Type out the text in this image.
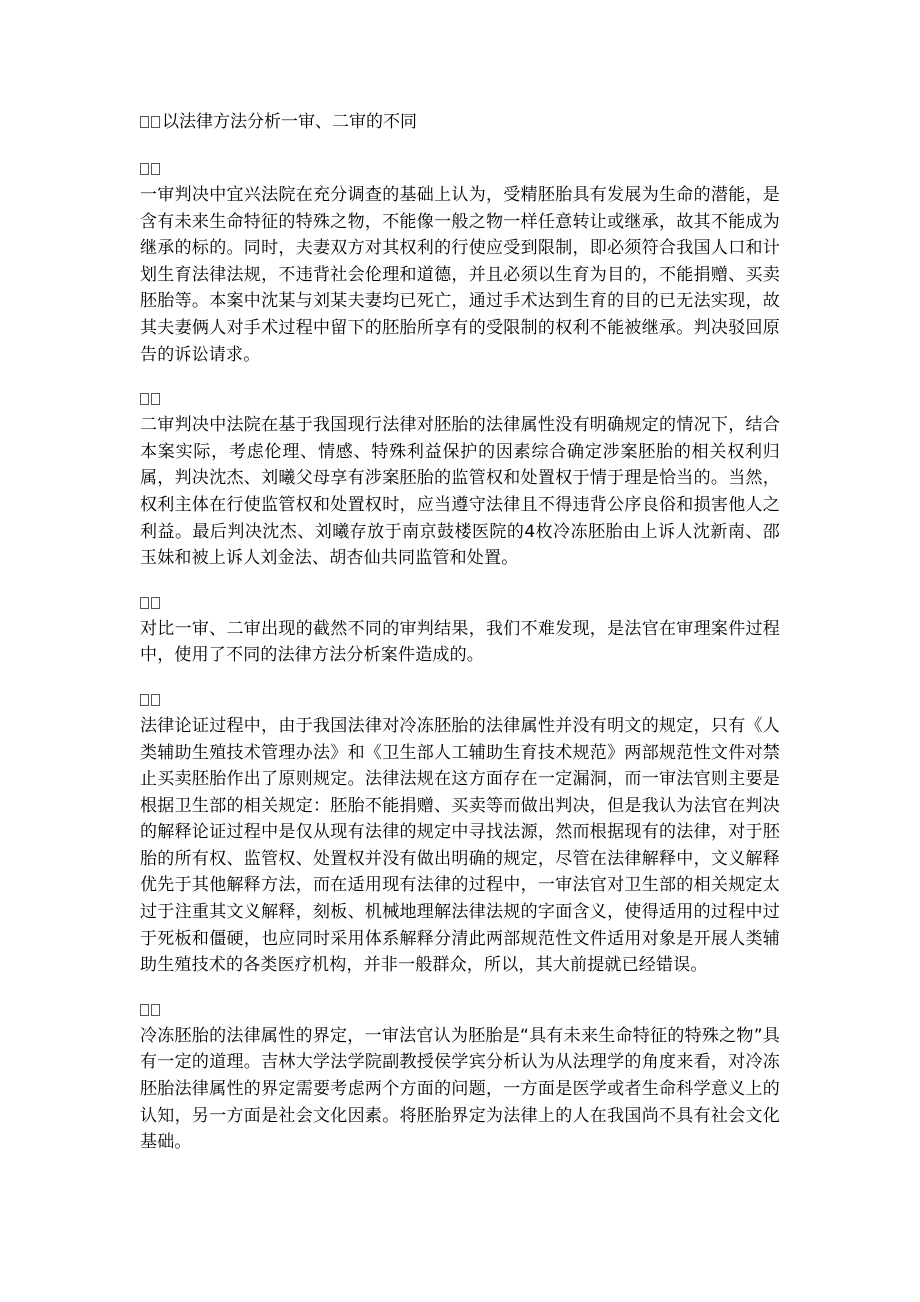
以法律方法分析一审、二审的不同

一审判决中宜兴法院在充分调查的基础上认为，受精胚胎具有发展为生命的潜能，是含有未来生命特征的特殊之物，不能像一般之物一样任意转让或继承，故其不能成为继承的标的。同时，夫妻双方对其权利的行使应受到限制，即必须符合我国人口和计划生育法律法规，不违背社会伦理和道德，并且必须以生育为目的，不能捐赠、买卖胚胎等。本案中沈某与刘某夫妻均已死亡，通过手术达到生育的目的已无法实现，故其夫妻俩人对手术过程中留下的胚胎所享有的受限制的权利不能被继承。判决驳回原告的诉讼请求。

二审判决中法院在基于我国现行法律对胚胎的法律属性没有明确规定的情况下，结合本案实际，考虑伦理、情感、特殊利益保护的因素综合确定涉案胚胎的相关权利归属，判决沈杰、刘曦父母享有涉案胚胎的监管权和处置权于情于理是恰当的。当然，权利主体在行使监管权和处置权时，应当遵守法律且不得违背公序良俗和损害他人之利益。最后判决沈杰、刘曦存放于南京鼓楼医院的4枚冷冻胚胎由上诉人沈新南、邵玉妹和被上诉人刘金法、胡杏仙共同监管和处置。

对比一审、二审出现的截然不同的审判结果，我们不难发现，是法官在审理案件过程中，使用了不同的法律方法分析案件造成的。

法律论证过程中，由于我国法律对冷冻胚胎的法律属性并没有明文的规定，只有《人类辅助生殖技术管理办法》和《卫生部人工辅助生育技术规范》两部规范性文件对禁止买卖胚胎作出了原则规定。法律法规在这方面存在一定漏洞，而一审法官则主要是根据卫生部的相关规定：胚胎不能捐赠、买卖等而做出判决，但是我认为法官在判决的解释论证过程中是仅从现有法律的规定中寻找法源，然而根据现有的法律，对于胚胎的所有权、监管权、处置权并没有做出明确的规定，尽管在法律解释中，文义解释优先于其他解释方法，而在适用现有法律的过程中，一审法官对卫生部的相关规定太过于注重其文义解释，刻板、机械地理解法律法规的字面含义，使得适用的过程中过于死板和僵硬，也应同时采用体系解释分清此两部规范性文件适用对象是开展人类辅助生殖技术的各类医疗机构，并非一般群众，所以，其大前提就已经错误。

冷冻胚胎的法律属性的界定，一审法官认为胚胎是“具有未来生命特征的特殊之物”具有一定的道理。吉林大学法学院副教授侯学宾分析认为从法理学的角度来看，对冷冻胚胎法律属性的界定需要考虑两个方面的问题，一方面是医学或者生命科学意义上的认知，另一方面是社会文化因素。将胚胎界定为法律上的人在我国尚不具有社会文化基础。
